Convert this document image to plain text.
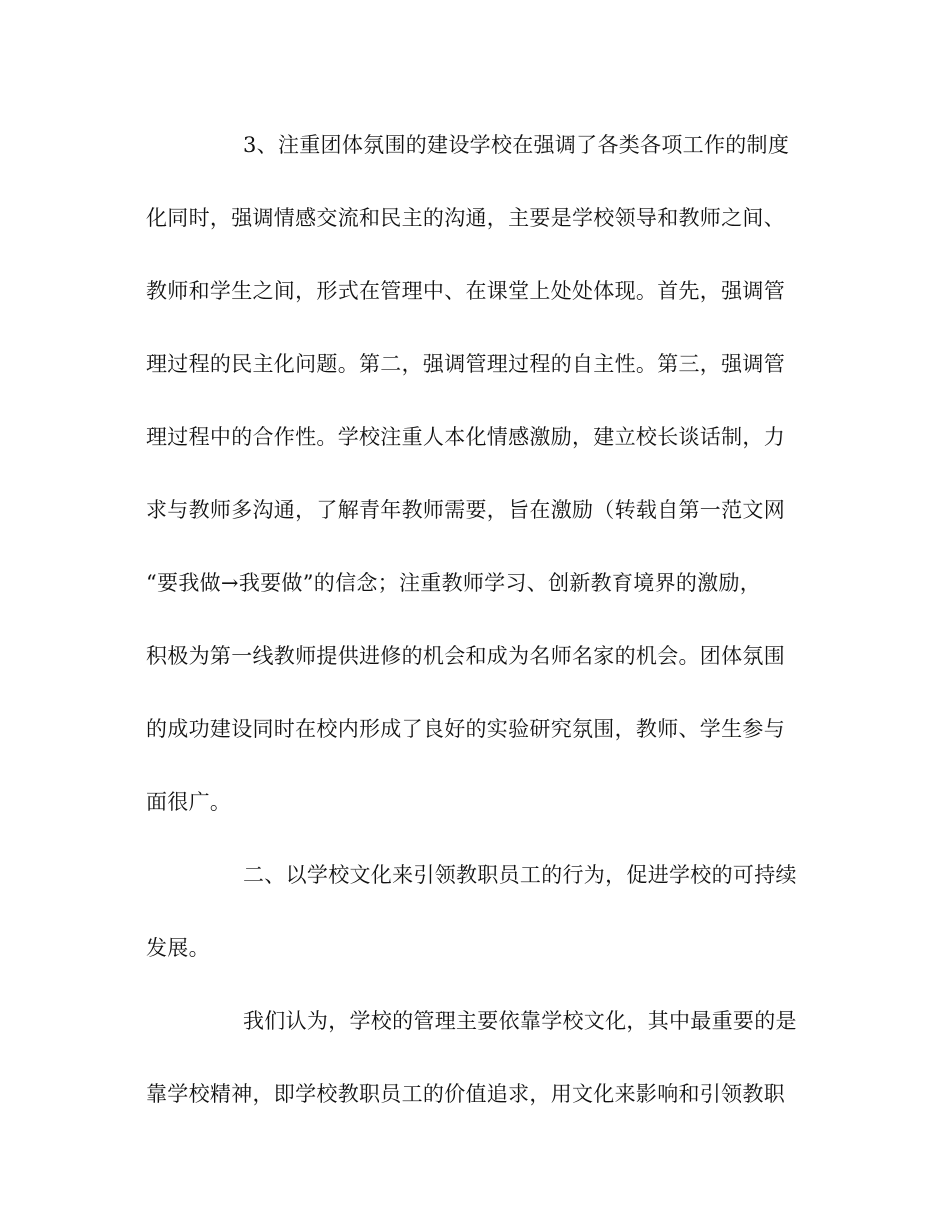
3、注重团体氛围的建设学校在强调了各类各项工作的制度

化同时，强调情感交流和民主的沟通，主要是学校领导和教师之间、

教师和学生之间，形式在管理中、在课堂上处处体现。首先，强调管

理过程的民主化问题。第二，强调管理过程的自主性。第三，强调管

理过程中的合作性。学校注重人本化情感激励，建立校长谈话制，力

求与教师多沟通，了解青年教师需要，旨在激励（转载自第一范文网

“要我做→我要做”的信念；注重教师学习、创新教育境界的激励，

积极为第一线教师提供进修的机会和成为名师名家的机会。团体氛围

的成功建设同时在校内形成了良好的实验研究氛围，教师、学生参与

面很广。

二、以学校文化来引领教职员工的行为，促进学校的可持续

发展。

我们认为，学校的管理主要依靠学校文化，其中最重要的是

靠学校精神，即学校教职员工的价值追求，用文化来影响和引领教职
